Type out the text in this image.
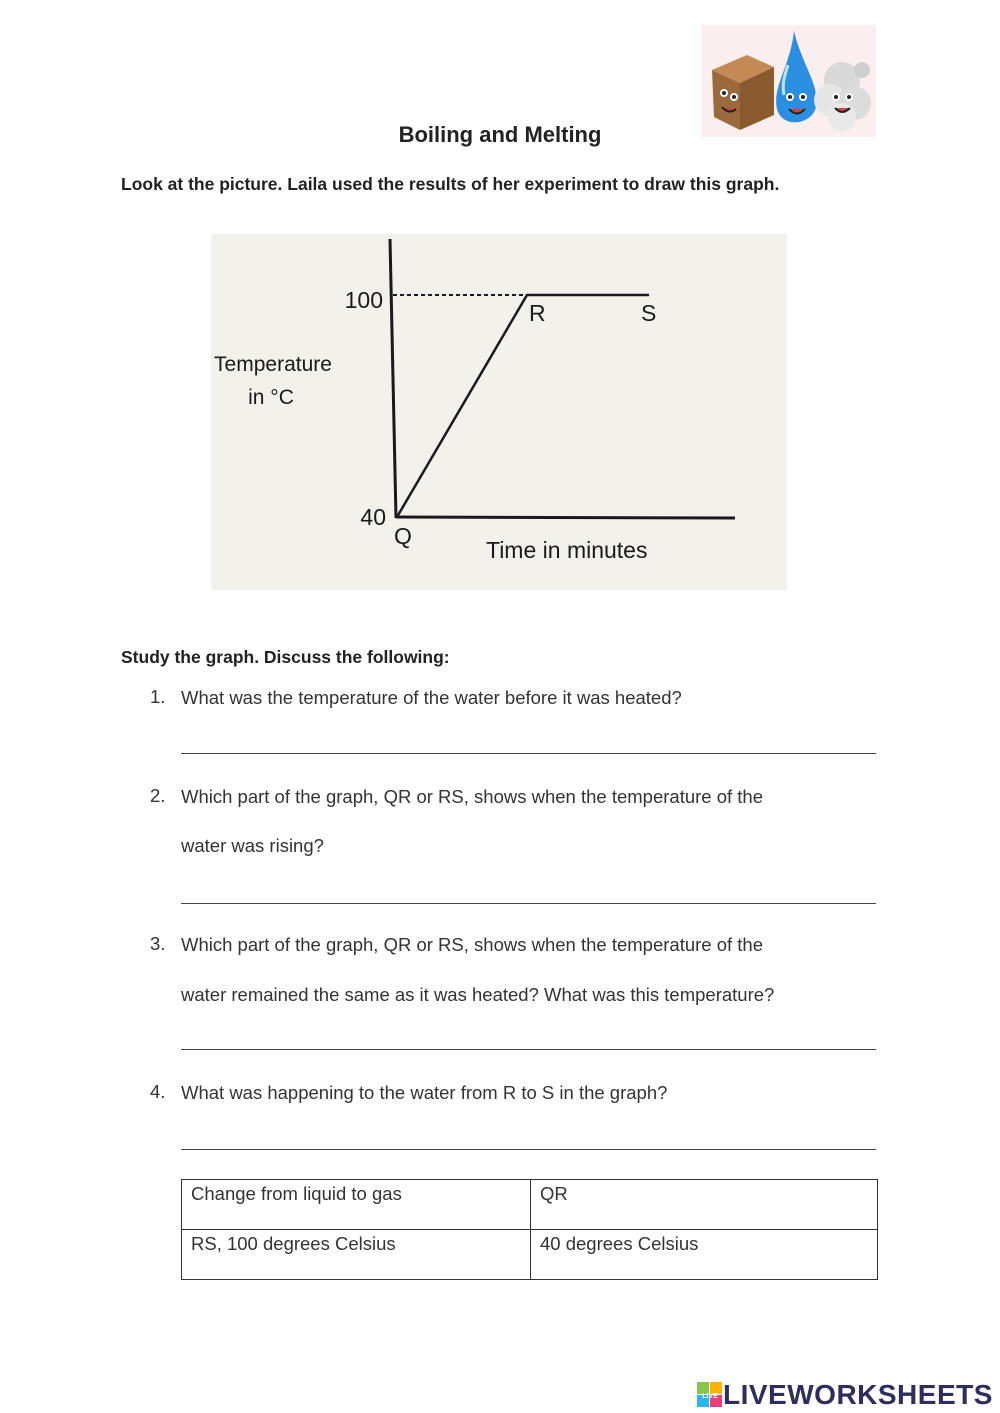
Boiling and Melting
Look at the picture. Laila used the results of her experiment to draw this graph.
100
40
Q
R	S
Temperature
in °C
Time in minutes
Study the graph. Discuss the following:
1. What was the temperature of the water before it was heated?
2. Which part of the graph, QR or RS, shows when the temperature of the
water was rising?
3. Which part of the graph, QR or RS, shows when the temperature of the
water remained the same as it was heated? What was this temperature?
4. What was happening to the water from R to S in the graph?
Change from liquid to gas	QR
RS, 100 degrees Celsius	40 degrees Celsius
LIVE LIVEWORKSHEETS
